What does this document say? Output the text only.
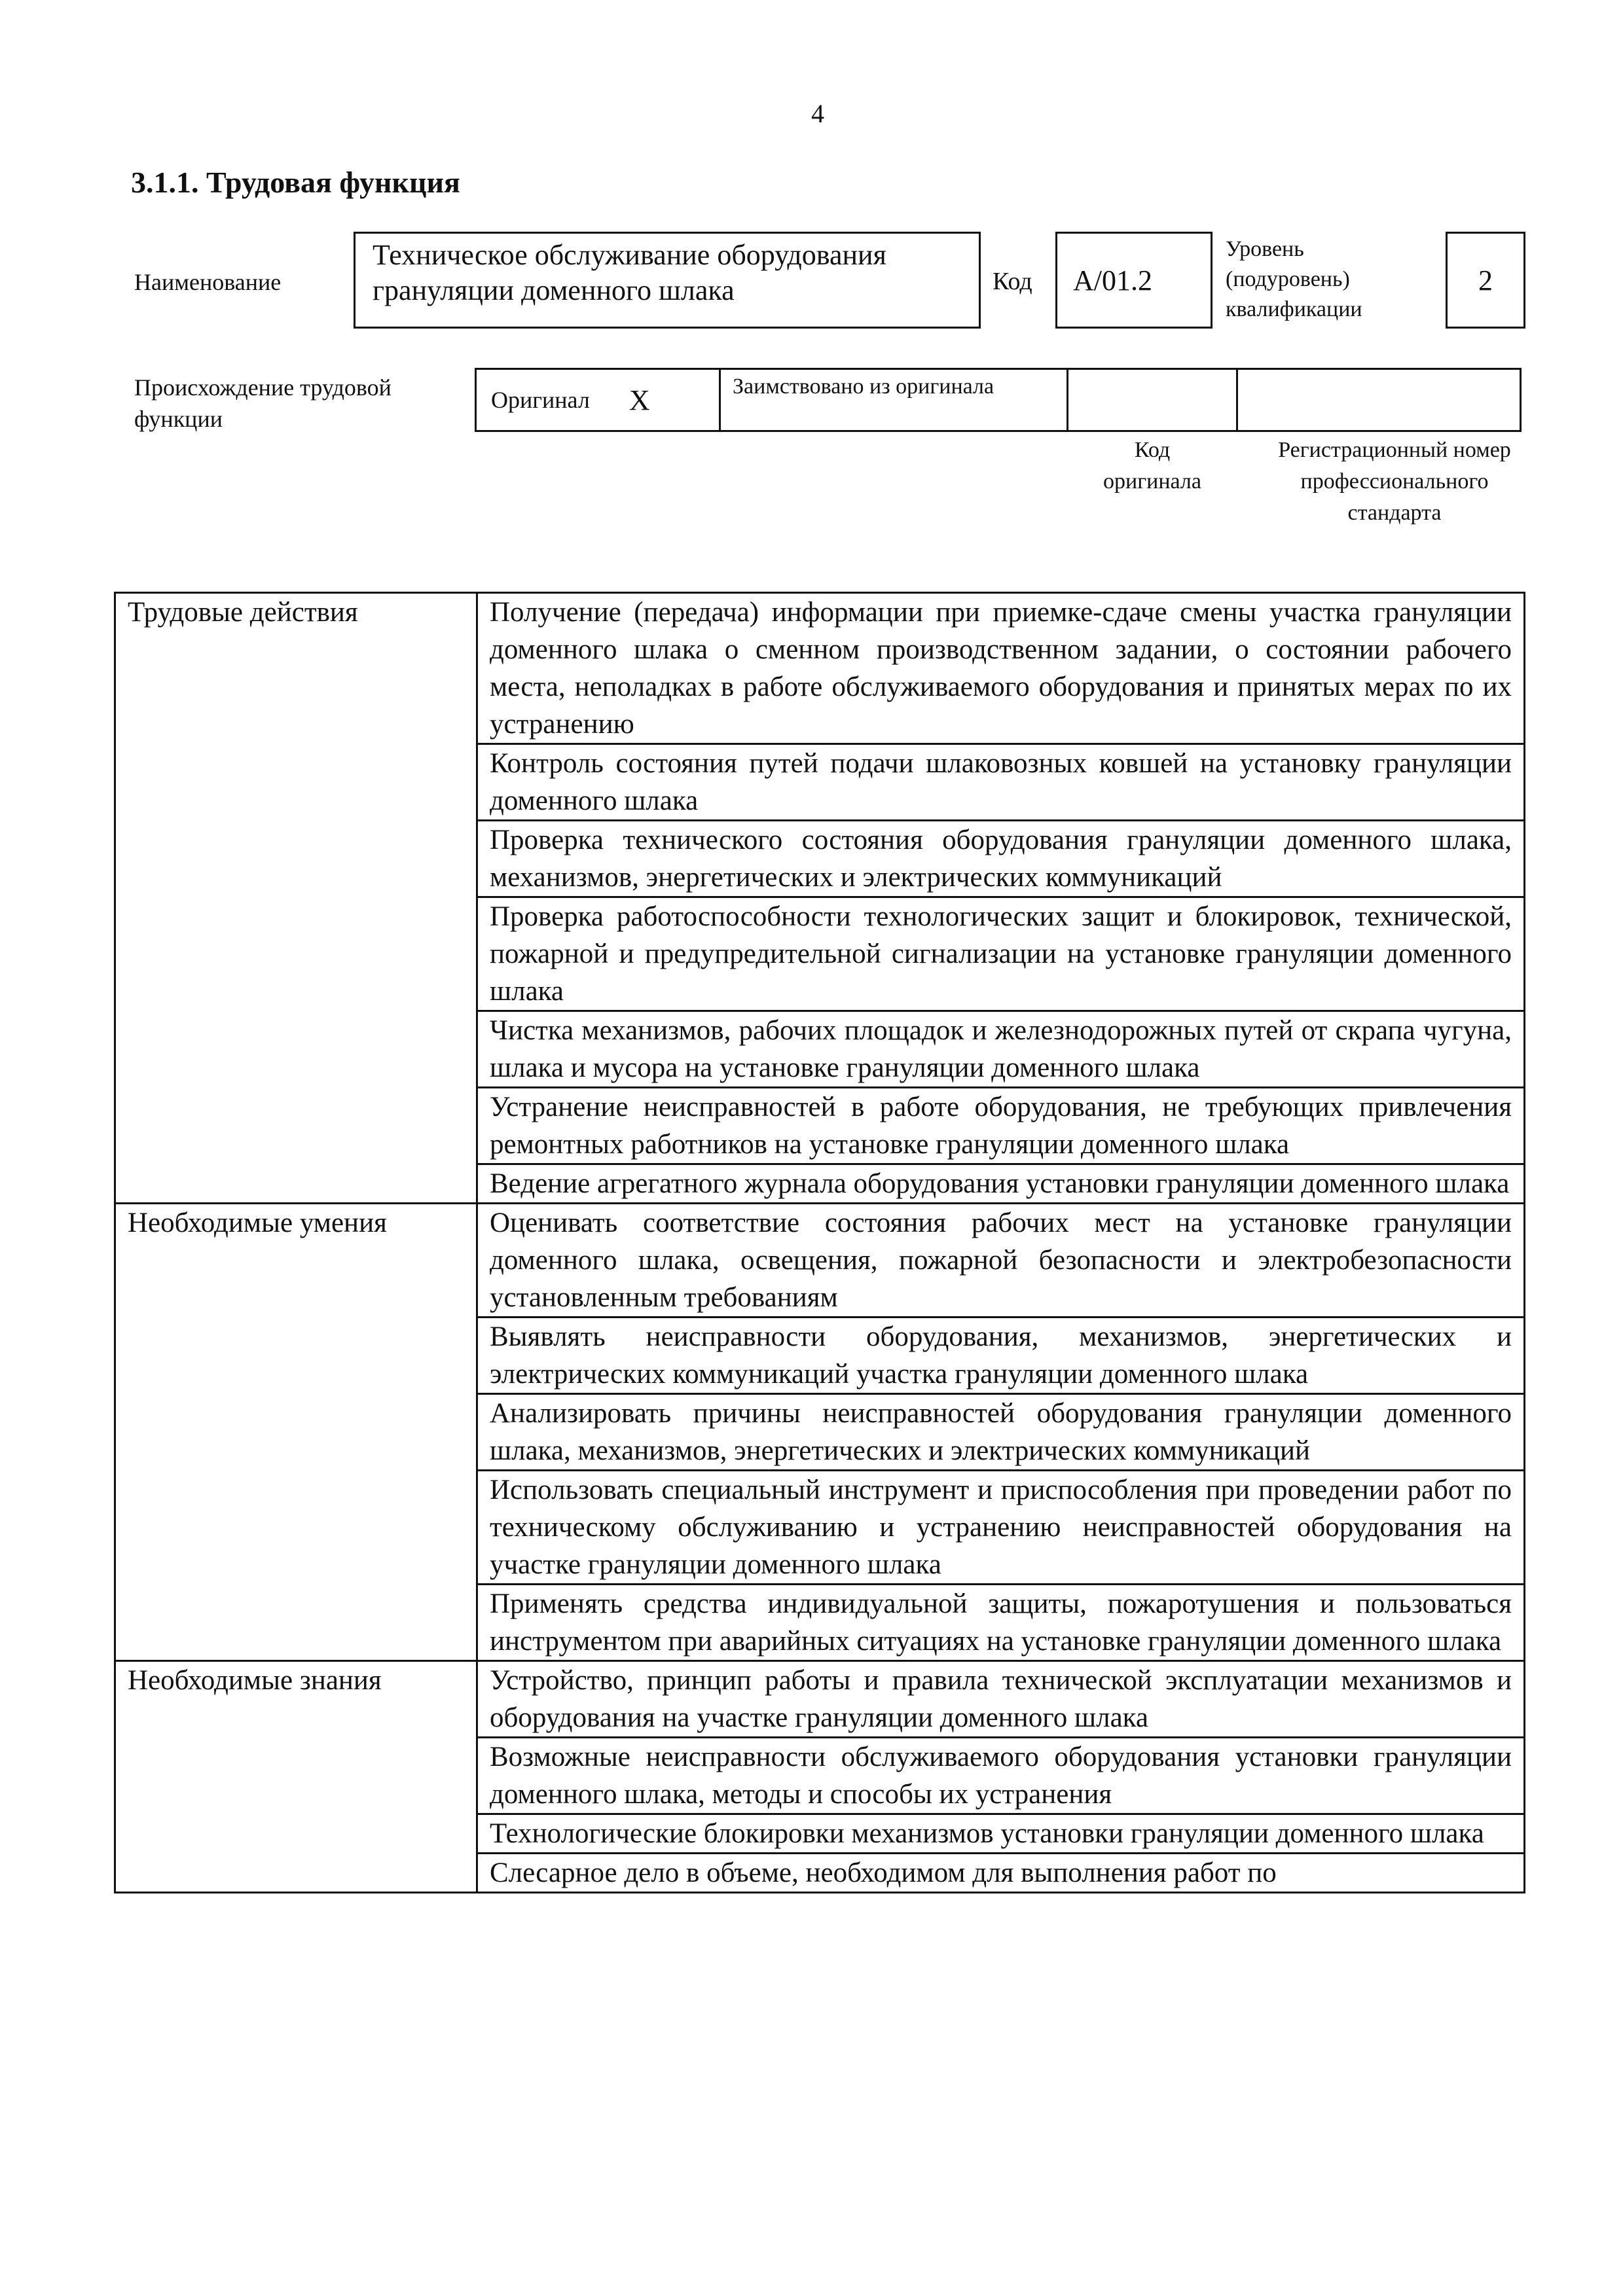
4
3.1.1. Трудовая функция
Наименование
Техническое обслуживание оборудования грануляции доменного шлака	Код	А/01.2
Уровень (подуровень) квалификации
2
Происхождение трудовой функции
Оригинал X	Заимствовано из оригинала
Код оригинала
Регистрационный номер профессионального стандарта
Трудовые действия	Получение (передача) информации при приемке-сдаче смены участка грануляции доменного шлака о сменном производственном задании, о состоянии рабочего места, неполадках в работе обслуживаемого оборудования и принятых мерах по их устранению
	Контроль состояния путей подачи шлаковозных ковшей на установку грануляции доменного шлака
	Проверка технического состояния оборудования грануляции доменного шлака, механизмов, энергетических и электрических коммуникаций
	Проверка работоспособности технологических защит и блокировок, технической, пожарной и предупредительной сигнализации на установке грануляции доменного шлака
	Чистка механизмов, рабочих площадок и железнодорожных путей от скрапа чугуна, шлака и мусора на установке грануляции доменного шлака
	Устранение неисправностей в работе оборудования, не требующих привлечения ремонтных работников на установке грануляции доменного шлака
	Ведение агрегатного журнала оборудования установки грануляции доменного шлака
Необходимые умения	Оценивать соответствие состояния рабочих мест на установке грануляции доменного шлака, освещения, пожарной безопасности и электробезопасности установленным требованиям
	Выявлять неисправности оборудования, механизмов, энергетических и электрических коммуникаций участка грануляции доменного шлака
	Анализировать причины неисправностей оборудования грануляции доменного шлака, механизмов, энергетических и электрических коммуникаций
	Использовать специальный инструмент и приспособления при проведении работ по техническому обслуживанию и устранению неисправностей оборудования на участке грануляции доменного шлака
	Применять средства индивидуальной защиты, пожаротушения и пользоваться инструментом при аварийных ситуациях на установке грануляции доменного шлака
Необходимые знания	Устройство, принцип работы и правила технической эксплуатации механизмов и оборудования на участке грануляции доменного шлака
	Возможные неисправности обслуживаемого оборудования установки грануляции доменного шлака, методы и способы их устранения
	Технологические блокировки механизмов установки грануляции доменного шлака
	Слесарное дело в объеме, необходимом для выполнения работ по
